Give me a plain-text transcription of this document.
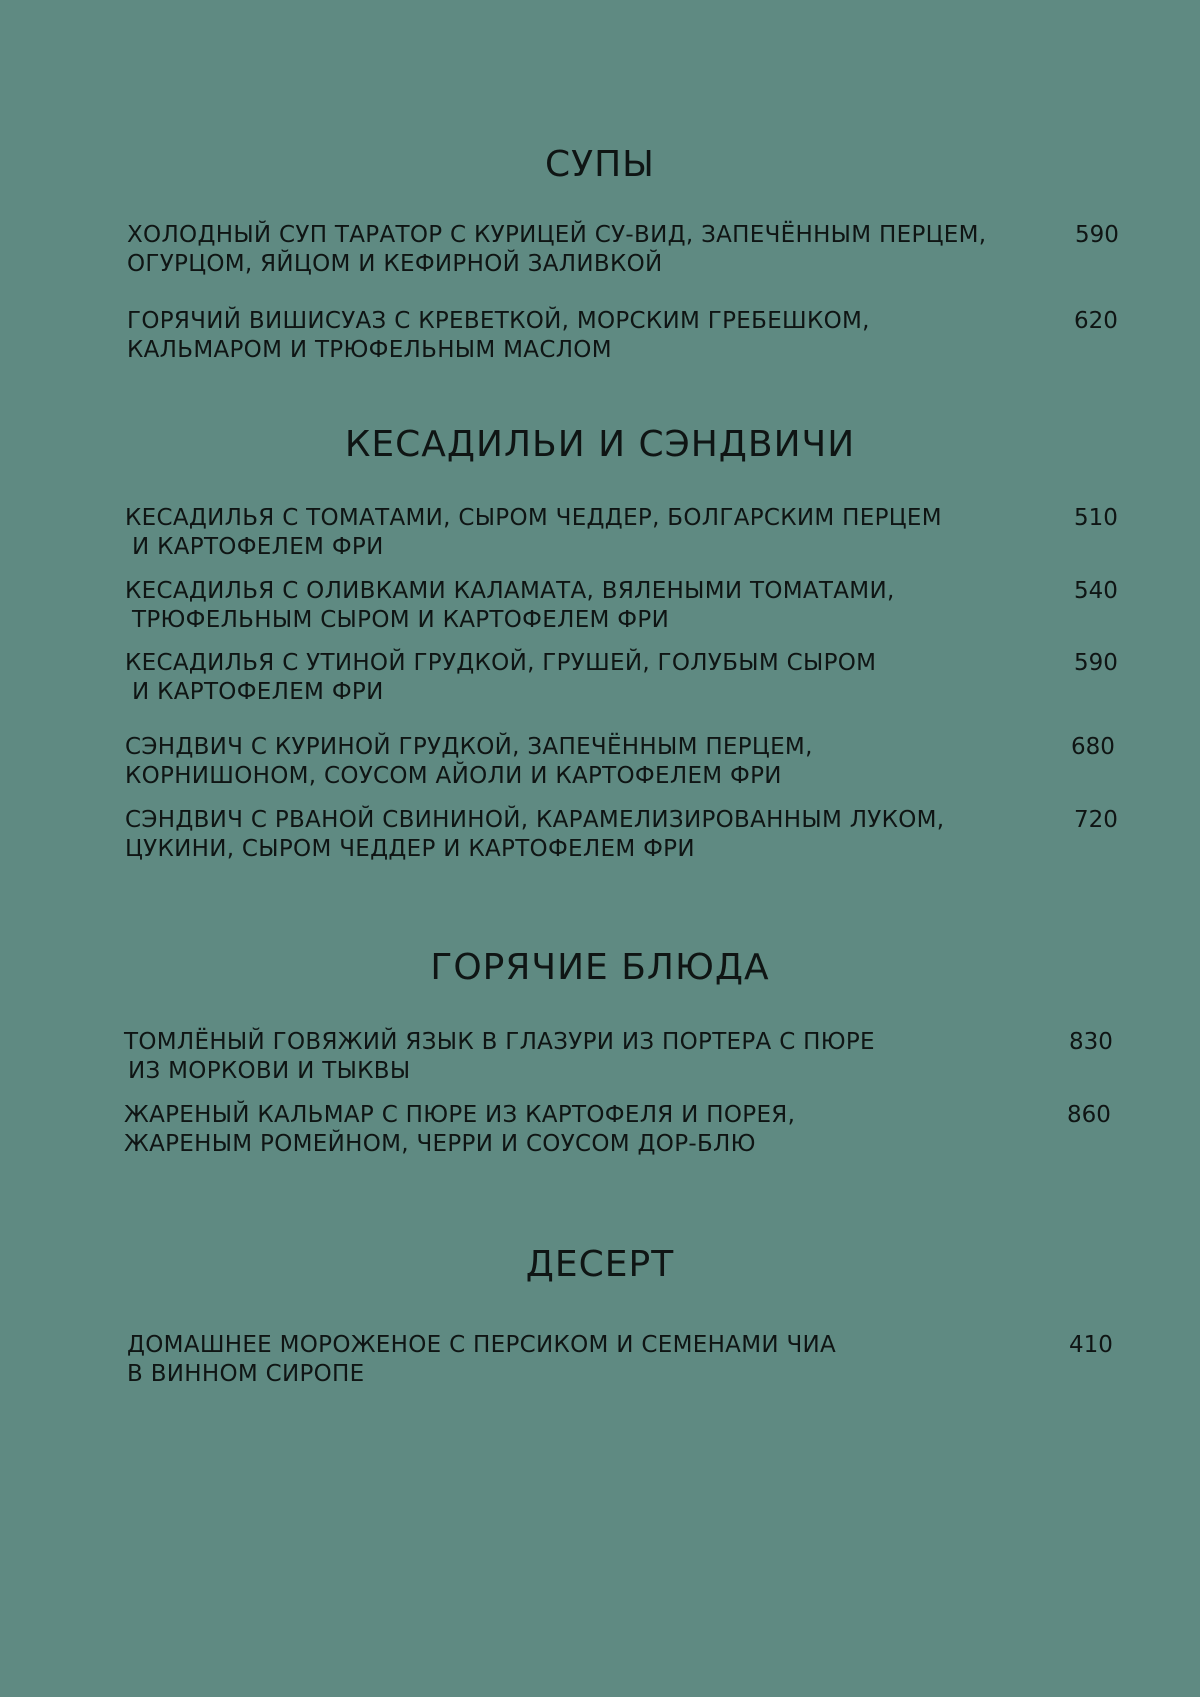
СУПЫ
ХОЛОДНЫЙ СУП ТАРАТОР С КУРИЦЕЙ СУ-ВИД, ЗАПЕЧЁННЫМ ПЕРЦЕМ,
ОГУРЦОМ, ЯЙЦОМ И КЕФИРНОЙ ЗАЛИВКОЙ
590
ГОРЯЧИЙ ВИШИСУАЗ С КРЕВЕТКОЙ, МОРСКИМ ГРЕБЕШКОМ,
КАЛЬМАРОМ И ТРЮФЕЛЬНЫМ МАСЛОМ
620
КЕСАДИЛЬИ И СЭНДВИЧИ
КЕСАДИЛЬЯ С ТОМАТАМИ, СЫРОМ ЧЕДДЕР, БОЛГАРСКИМ ПЕРЦЕМ
И КАРТОФЕЛЕМ ФРИ
510
КЕСАДИЛЬЯ С ОЛИВКАМИ КАЛАМАТА, ВЯЛЕНЫМИ ТОМАТАМИ,
ТРЮФЕЛЬНЫМ СЫРОМ И КАРТОФЕЛЕМ ФРИ
540
КЕСАДИЛЬЯ С УТИНОЙ ГРУДКОЙ, ГРУШЕЙ, ГОЛУБЫМ СЫРОМ
И КАРТОФЕЛЕМ ФРИ
590
СЭНДВИЧ С КУРИНОЙ ГРУДКОЙ, ЗАПЕЧЁННЫМ ПЕРЦЕМ,
КОРНИШОНОМ, СОУСОМ АЙОЛИ И КАРТОФЕЛЕМ ФРИ
680
СЭНДВИЧ С РВАНОЙ СВИНИНОЙ, КАРАМЕЛИЗИРОВАННЫМ ЛУКОМ,
ЦУКИНИ, СЫРОМ ЧЕДДЕР И КАРТОФЕЛЕМ ФРИ
720
ГОРЯЧИЕ БЛЮДА
ТОМЛЁНЫЙ ГОВЯЖИЙ ЯЗЫК В ГЛАЗУРИ ИЗ ПОРТЕРА С ПЮРЕ
ИЗ МОРКОВИ И ТЫКВЫ
830
ЖАРЕНЫЙ КАЛЬМАР С ПЮРЕ ИЗ КАРТОФЕЛЯ И ПОРЕЯ,
ЖАРЕНЫМ РОМЕЙНОМ, ЧЕРРИ И СОУСОМ ДОР-БЛЮ
860
ДЕСЕРТ
ДОМАШНЕЕ МОРОЖЕНОЕ С ПЕРСИКОМ И СЕМЕНАМИ ЧИА
В ВИННОМ СИРОПЕ
410
